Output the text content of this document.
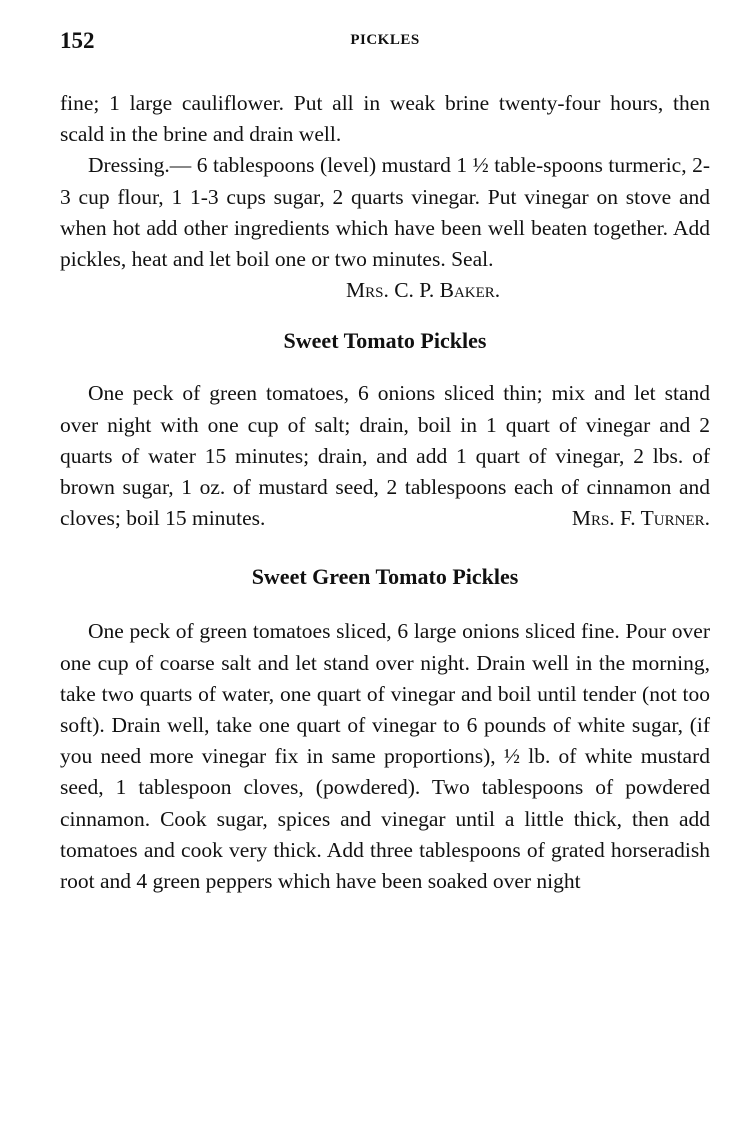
152	PICKLES

fine; 1 large cauliflower. Put all in weak brine twenty-four hours, then scald in the brine and drain well.

Dressing.— 6 tablespoons (level) mustard 1 ½ table-spoons turmeric, 2-3 cup flour, 1 1-3 cups sugar, 2 quarts vinegar. Put vinegar on stove and when hot add other ingredients which have been well beaten together. Add pickles, heat and let boil one or two minutes. Seal.

Mrs. C. P. Baker.
Sweet Tomato Pickles

One peck of green tomatoes, 6 onions sliced thin; mix and let stand over night with one cup of salt; drain, boil in 1 quart of vinegar and 2 quarts of water 15 minutes; drain, and add 1 quart of vinegar, 2 lbs. of brown sugar, 1 oz. of mustard seed, 2 tablespoons each of cinnamon and cloves; boil 15 minutes.	Mrs. F. Turner.

Sweet Green Tomato Pickles

One peck of green tomatoes sliced, 6 large onions sliced fine. Pour over one cup of coarse salt and let stand over night. Drain well in the morning, take two quarts of water, one quart of vinegar and boil until tender (not too soft). Drain well, take one quart of vinegar to 6 pounds of white sugar, (if you need more vinegar fix in same proportions), ½ lb. of white mustard seed, 1 tablespoon cloves, (powdered). Two tablespoons of powdered cinnamon. Cook sugar, spices and vinegar until a little thick, then add tomatoes and cook very thick. Add three tablespoons of grated horseradish root and 4 green peppers which have been soaked over night
